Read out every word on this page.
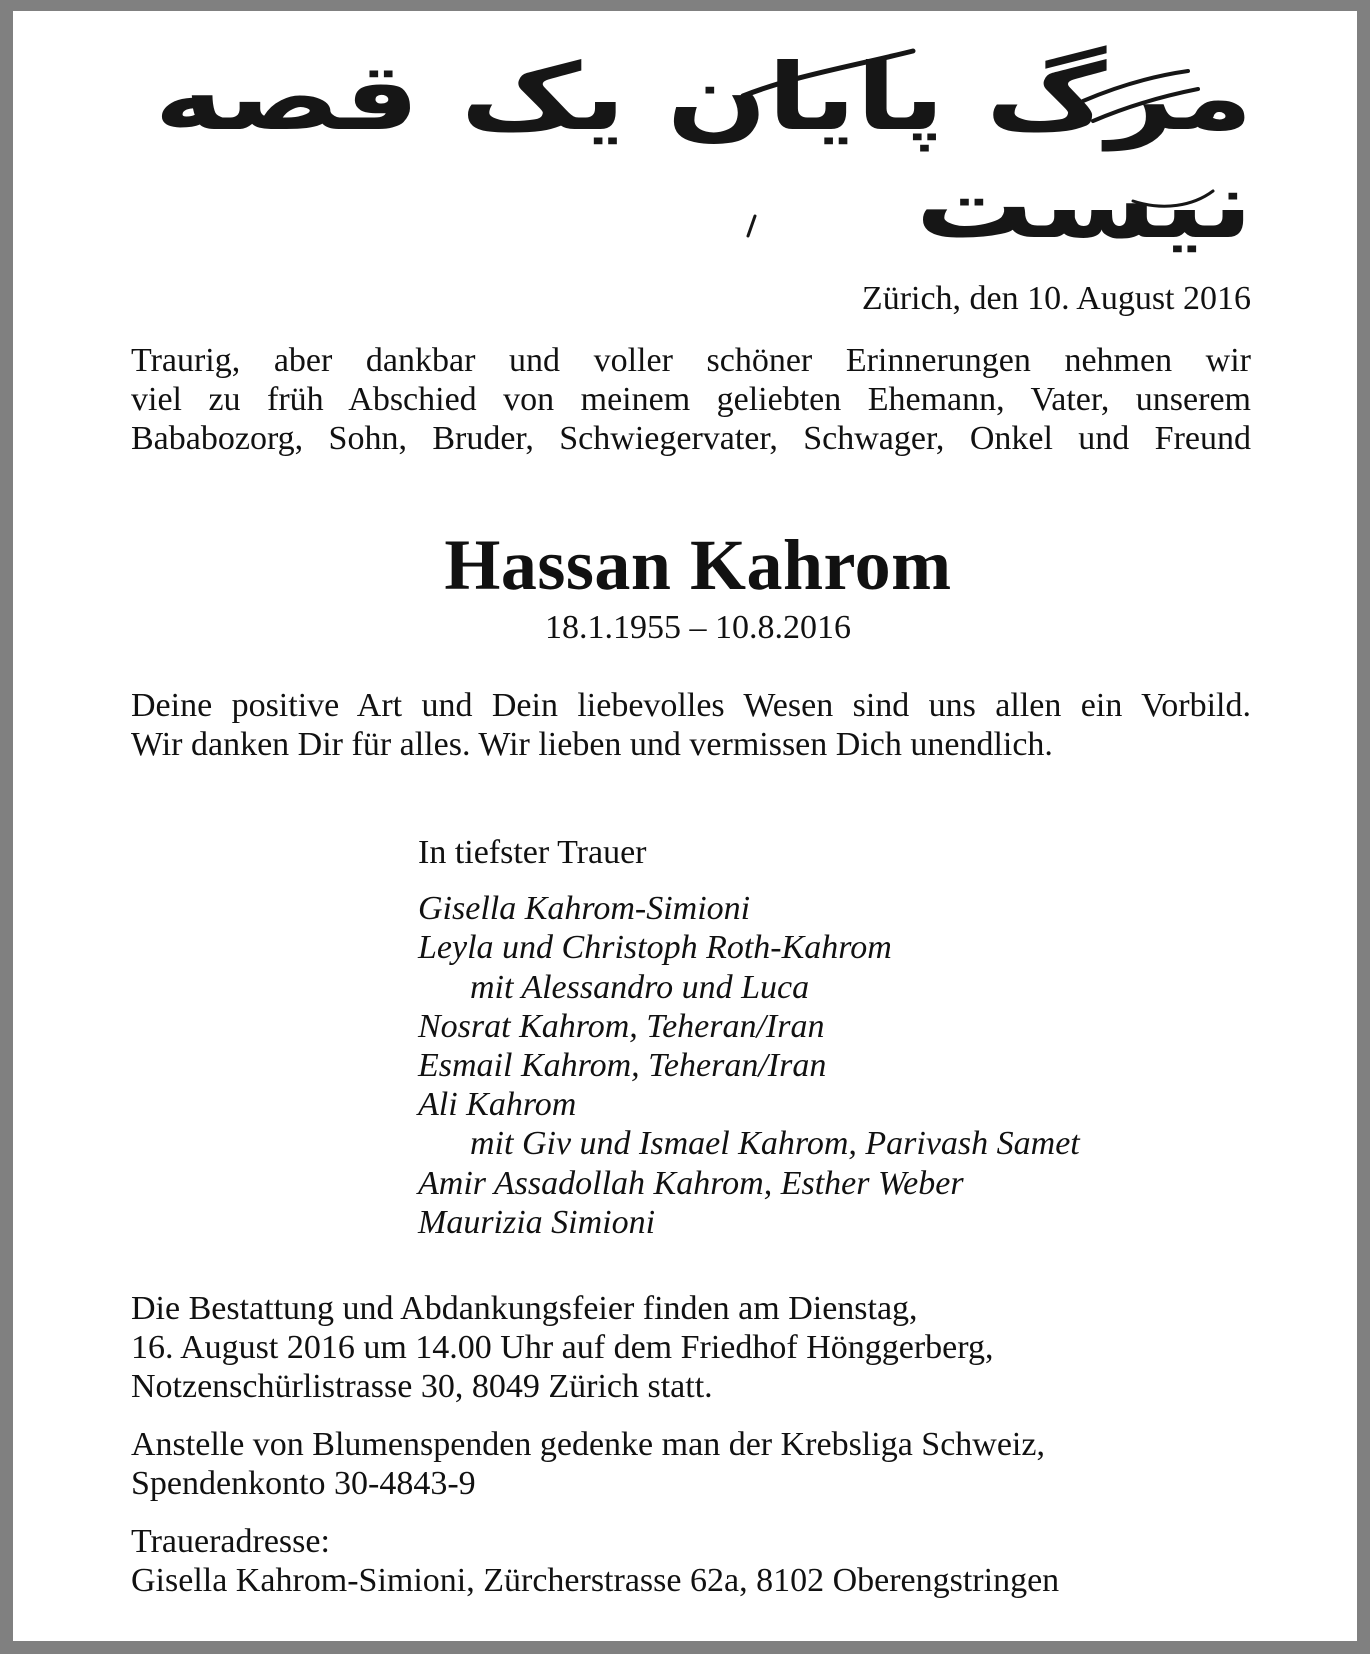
مرگ پایان یک قصه نیست
Zürich, den 10. August 2016
Traurig, aber dankbar und voller schöner Erinnerungen nehmen wir
viel zu früh Abschied von meinem geliebten Ehemann, Vater, unserem
Bababozorg, Sohn, Bruder, Schwiegervater, Schwager, Onkel und Freund
Hassan Kahrom
18.1.1955 – 10.8.2016
Deine positive Art und Dein liebevolles Wesen sind uns allen ein Vorbild.
Wir danken Dir für alles. Wir lieben und vermissen Dich unendlich.
In tiefster Trauer
Gisella Kahrom-Simioni
Leyla und Christoph Roth-Kahrom
mit Alessandro und Luca
Nosrat Kahrom, Teheran/Iran
Esmail Kahrom, Teheran/Iran
Ali Kahrom
mit Giv und Ismael Kahrom, Parivash Samet
Amir Assadollah Kahrom, Esther Weber
Maurizia Simioni
Die Bestattung und Abdankungsfeier finden am Dienstag,
16. August 2016 um 14.00 Uhr auf dem Friedhof Hönggerberg,
Notzenschürlistrasse 30, 8049 Zürich statt.
Anstelle von Blumenspenden gedenke man der Krebsliga Schweiz,
Spendenkonto 30-4843-9
Traueradresse:
Gisella Kahrom-Simioni, Zürcherstrasse 62a, 8102 Oberengstringen
